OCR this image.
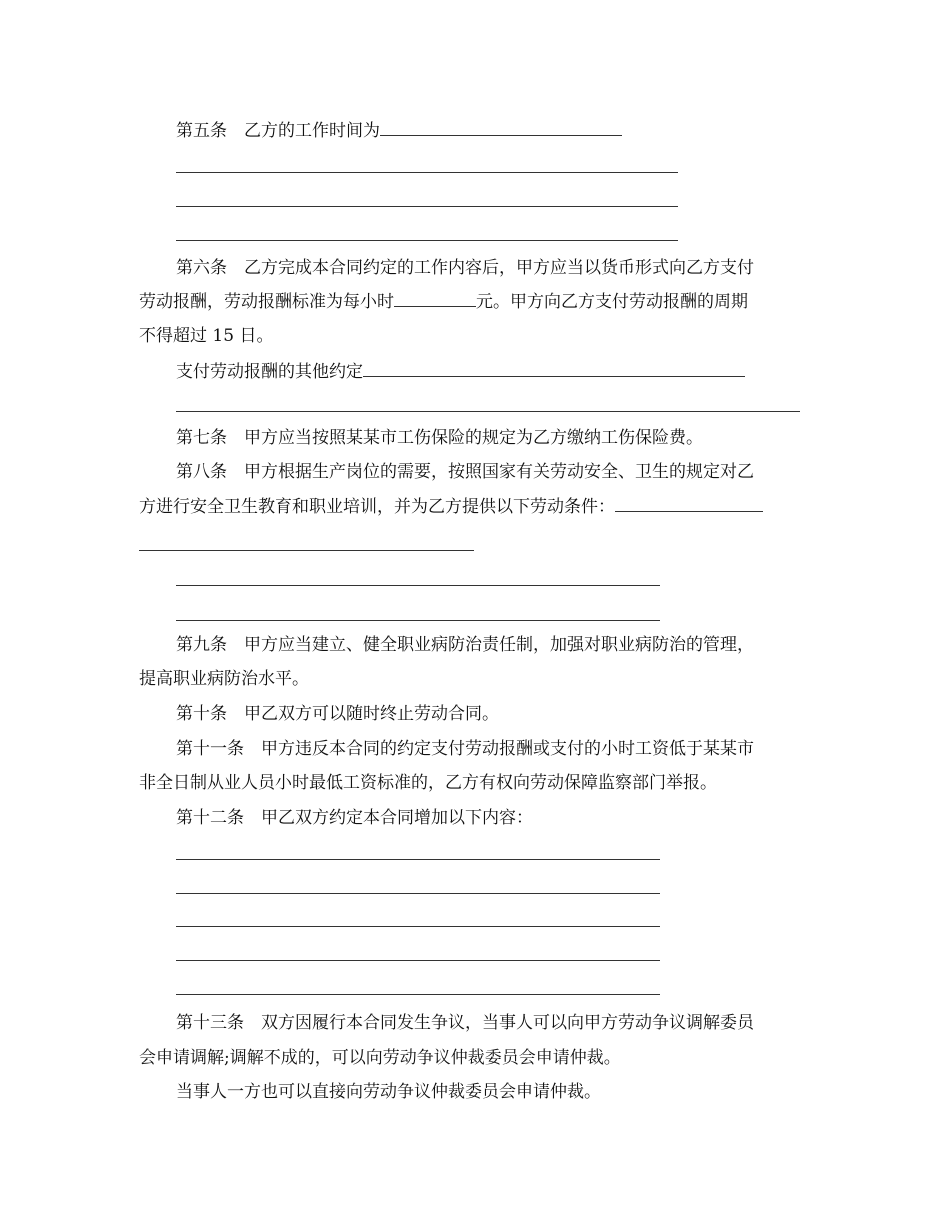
第五条 乙方的工作时间为
第六条 乙方完成本合同约定的工作内容后，甲方应当以货币形式向乙方支付
劳动报酬，劳动报酬标准为每小时	元。甲方向乙方支付劳动报酬的周期
不得超过 15 日。
支付劳动报酬的其他约定
第七条 甲方应当按照某某市工伤保险的规定为乙方缴纳工伤保险费。
第八条 甲方根据生产岗位的需要，按照国家有关劳动安全、卫生的规定对乙
方进行安全卫生教育和职业培训，并为乙方提供以下劳动条件：
第九条 甲方应当建立、健全职业病防治责任制，加强对职业病防治的管理，
提高职业病防治水平。
第十条 甲乙双方可以随时终止劳动合同。
第十一条 甲方违反本合同的约定支付劳动报酬或支付的小时工资低于某某市
非全日制从业人员小时最低工资标准的，乙方有权向劳动保障监察部门举报。
第十二条 甲乙双方约定本合同增加以下内容：
第十三条 双方因履行本合同发生争议，当事人可以向甲方劳动争议调解委员
会申请调解;调解不成的，可以向劳动争议仲裁委员会申请仲裁。
当事人一方也可以直接向劳动争议仲裁委员会申请仲裁。
